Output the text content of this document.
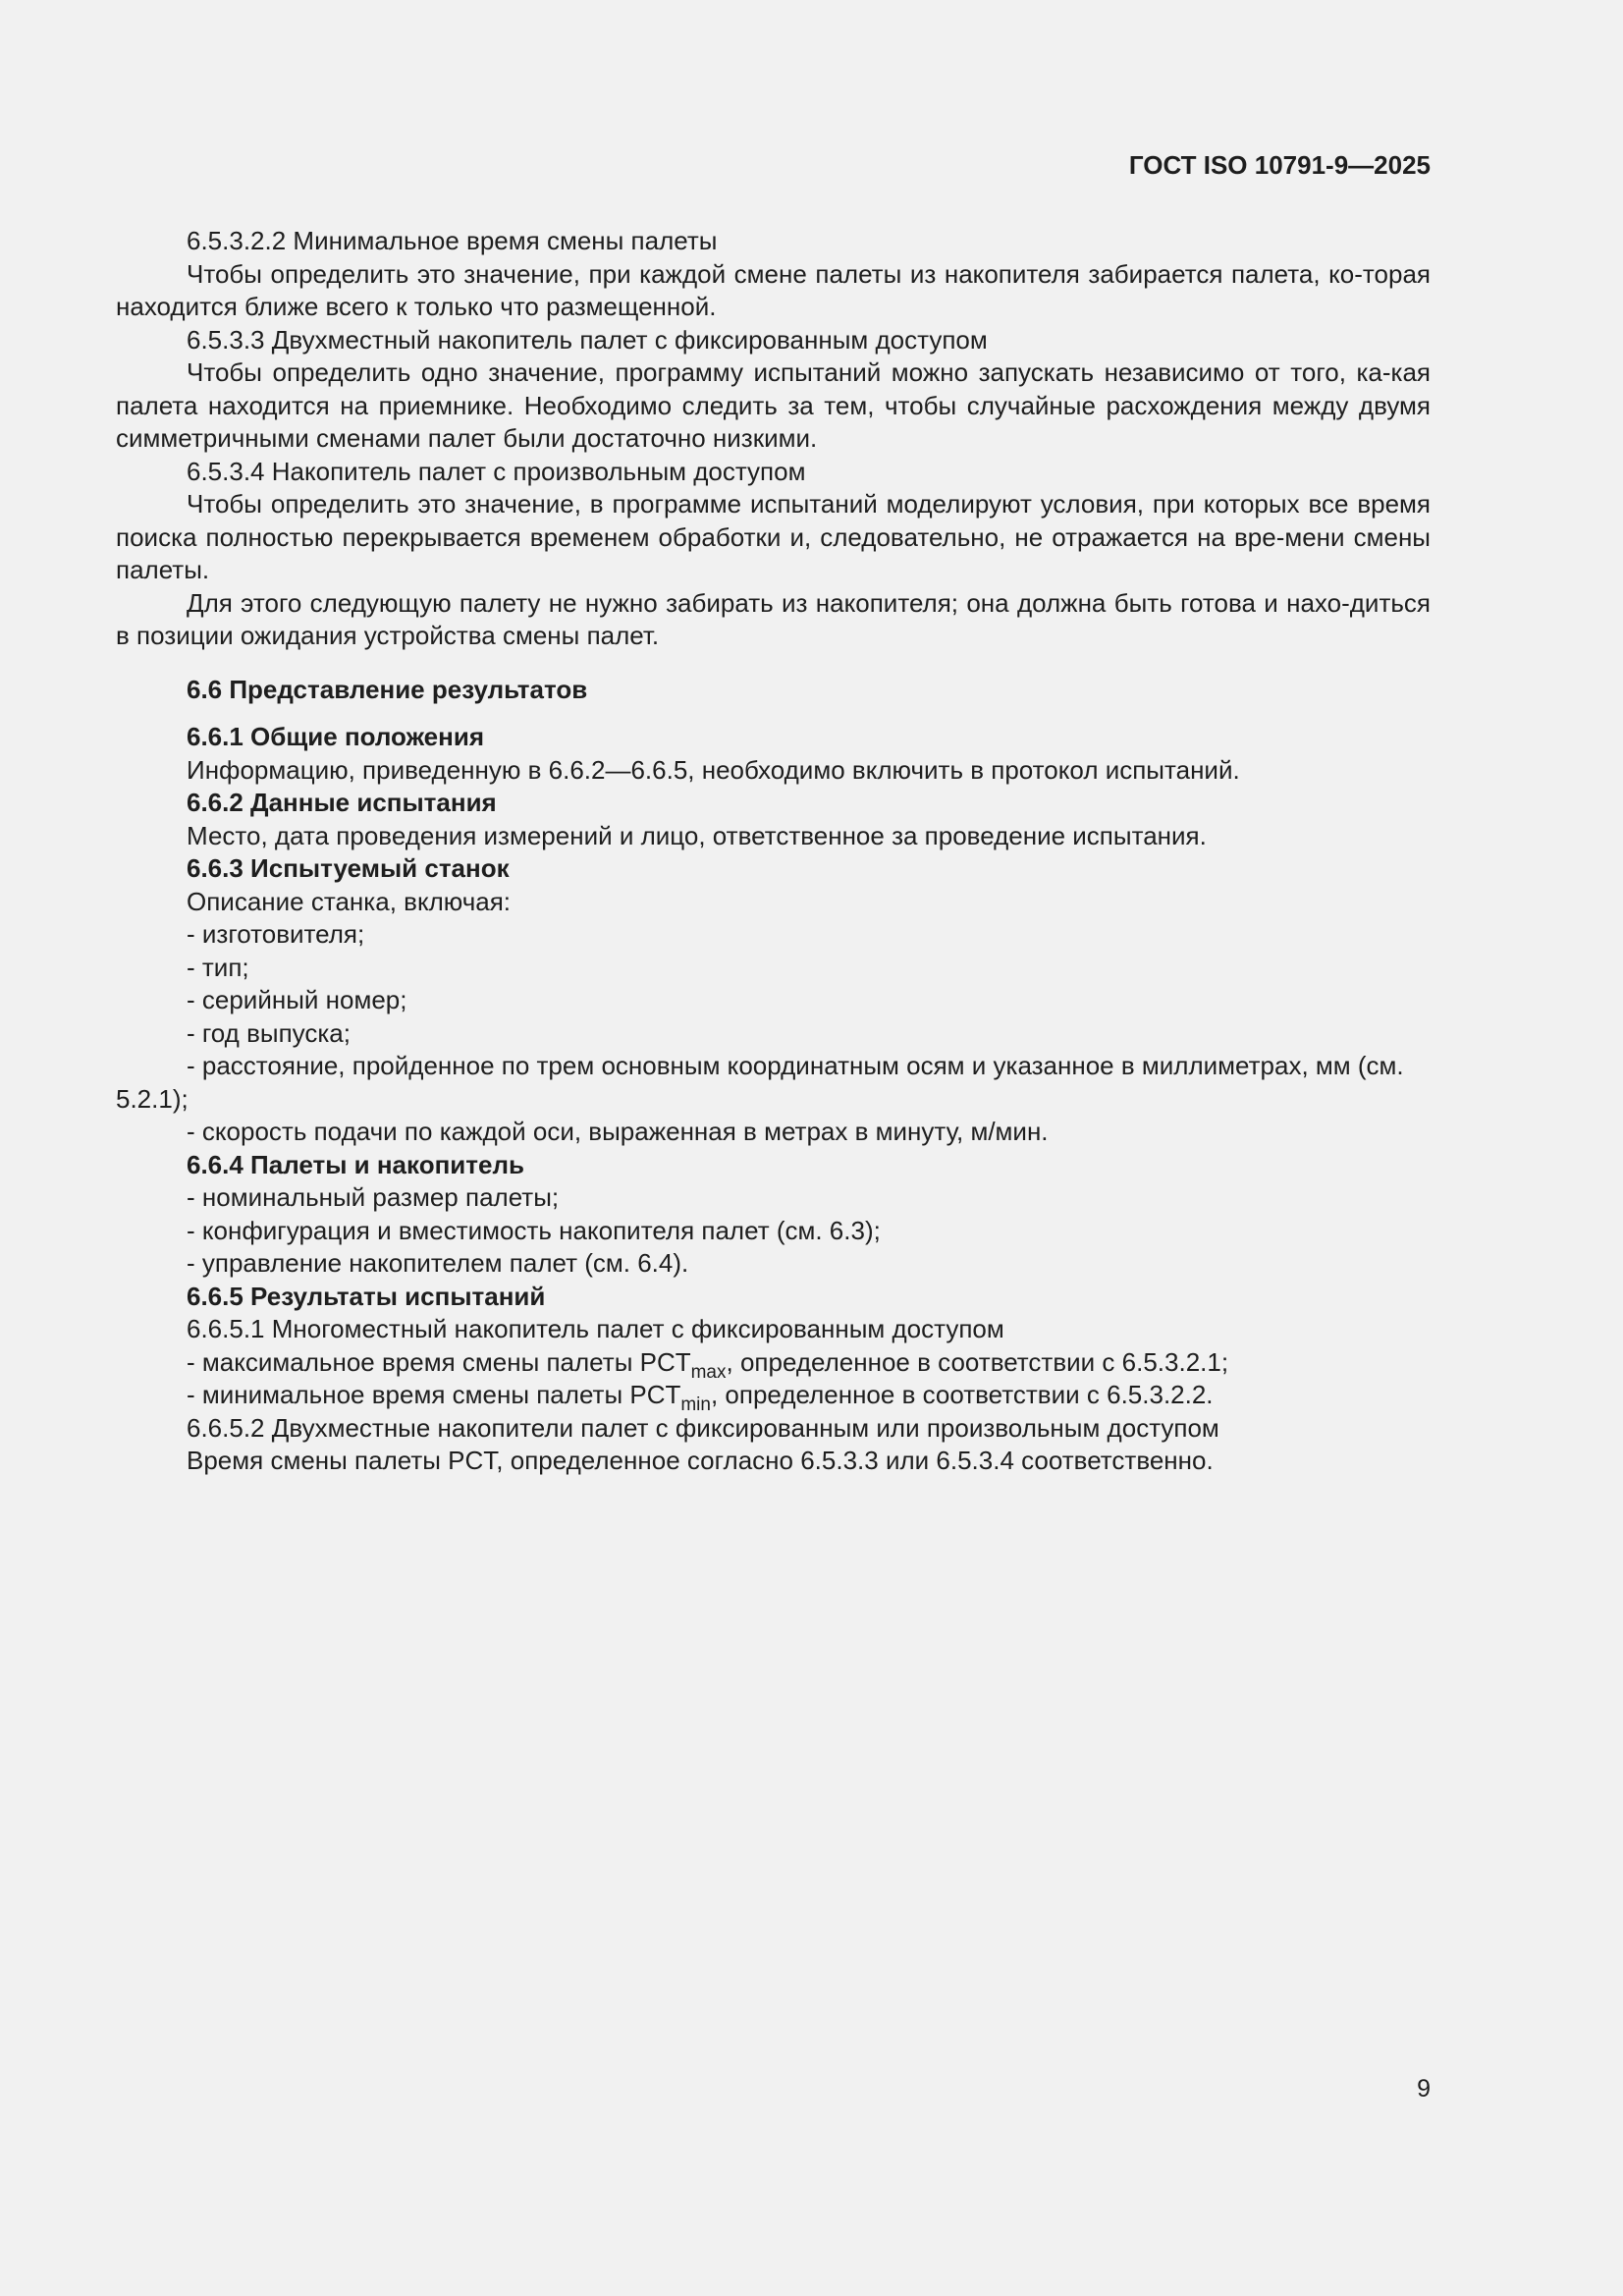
ГОСТ ISO 10791-9—2025

6.5.3.2.2 Минимальное время смены палеты

Чтобы определить это значение, при каждой смене палеты из накопителя забирается палета, ко-торая находится ближе всего к только что размещенной.

6.5.3.3 Двухместный накопитель палет с фиксированным доступом

Чтобы определить одно значение, программу испытаний можно запускать независимо от того, ка-кая палета находится на приемнике. Необходимо следить за тем, чтобы случайные расхождения между двумя симметричными сменами палет были достаточно низкими.

6.5.3.4 Накопитель палет с произвольным доступом

Чтобы определить это значение, в программе испытаний моделируют условия, при которых все время поиска полностью перекрывается временем обработки и, следовательно, не отражается на вре-мени смены палеты.

Для этого следующую палету не нужно забирать из накопителя; она должна быть готова и нахо-диться в позиции ожидания устройства смены палет.

6.6 Представление результатов

6.6.1 Общие положения

Информацию, приведенную в 6.6.2—6.6.5, необходимо включить в протокол испытаний.

6.6.2 Данные испытания

Место, дата проведения измерений и лицо, ответственное за проведение испытания.

6.6.3 Испытуемый станок

Описание станка, включая:

- изготовителя;

- тип;

- серийный номер;

- год выпуска;

- расстояние, пройденное по трем основным координатным осям и указанное в миллиметрах, мм (см. 5.2.1);

- скорость подачи по каждой оси, выраженная в метрах в минуту, м/мин.

6.6.4 Палеты и накопитель

- номинальный размер палеты;

- конфигурация и вместимость накопителя палет (см. 6.3);

- управление накопителем палет (см. 6.4).

6.6.5 Результаты испытаний

6.6.5.1 Многоместный накопитель палет с фиксированным доступом

- максимальное время смены палеты $PCT_{max}$, определенное в соответствии с 6.5.3.2.1;

- минимальное время смены палеты $PCT_{min}$, определенное в соответствии с 6.5.3.2.2.

6.6.5.2 Двухместные накопители палет с фиксированным или произвольным доступом

Время смены палеты PCT, определенное согласно 6.5.3.3 или 6.5.3.4 соответственно.

9
